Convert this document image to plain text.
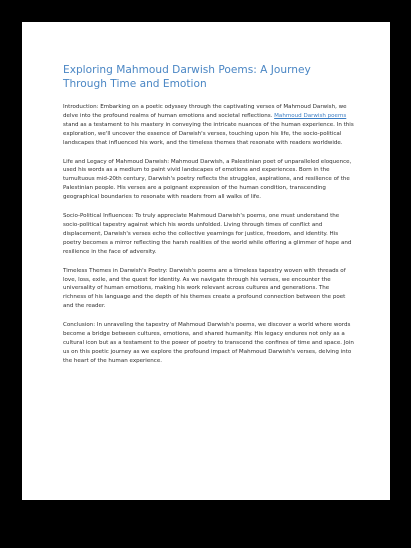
Exploring Mahmoud Darwish Poems: A Journey Through Time and Emotion

Introduction: Embarking on a poetic odyssey through the captivating verses of Mahmoud Darwish, we delve into the profound realms of human emotions and societal reflections. Mahmoud Darwish poems stand as a testament to his mastery in conveying the intricate nuances of the human experience. In this exploration, we'll uncover the essence of Darwish's verses, touching upon his life, the socio-political landscapes that influenced his work, and the timeless themes that resonate with readers worldwide.

Life and Legacy of Mahmoud Darwish: Mahmoud Darwish, a Palestinian poet of unparalleled eloquence, used his words as a medium to paint vivid landscapes of emotions and experiences. Born in the tumultuous mid-20th century, Darwish's poetry reflects the struggles, aspirations, and resilience of the Palestinian people. His verses are a poignant expression of the human condition, transcending geographical boundaries to resonate with readers from all walks of life.

Socio-Political Influences: To truly appreciate Mahmoud Darwish's poems, one must understand the socio-political tapestry against which his words unfolded. Living through times of conflict and displacement, Darwish's verses echo the collective yearnings for justice, freedom, and identity. His poetry becomes a mirror reflecting the harsh realities of the world while offering a glimmer of hope and resilience in the face of adversity.

Timeless Themes in Darwish's Poetry: Darwish's poems are a timeless tapestry woven with threads of love, loss, exile, and the quest for identity. As we navigate through his verses, we encounter the universality of human emotions, making his work relevant across cultures and generations. The richness of his language and the depth of his themes create a profound connection between the poet and the reader.

Conclusion: In unraveling the tapestry of Mahmoud Darwish's poems, we discover a world where words become a bridge between cultures, emotions, and shared humanity. His legacy endures not only as a cultural icon but as a testament to the power of poetry to transcend the confines of time and space. Join us on this poetic journey as we explore the profound impact of Mahmoud Darwish's verses, delving into the heart of the human experience.
